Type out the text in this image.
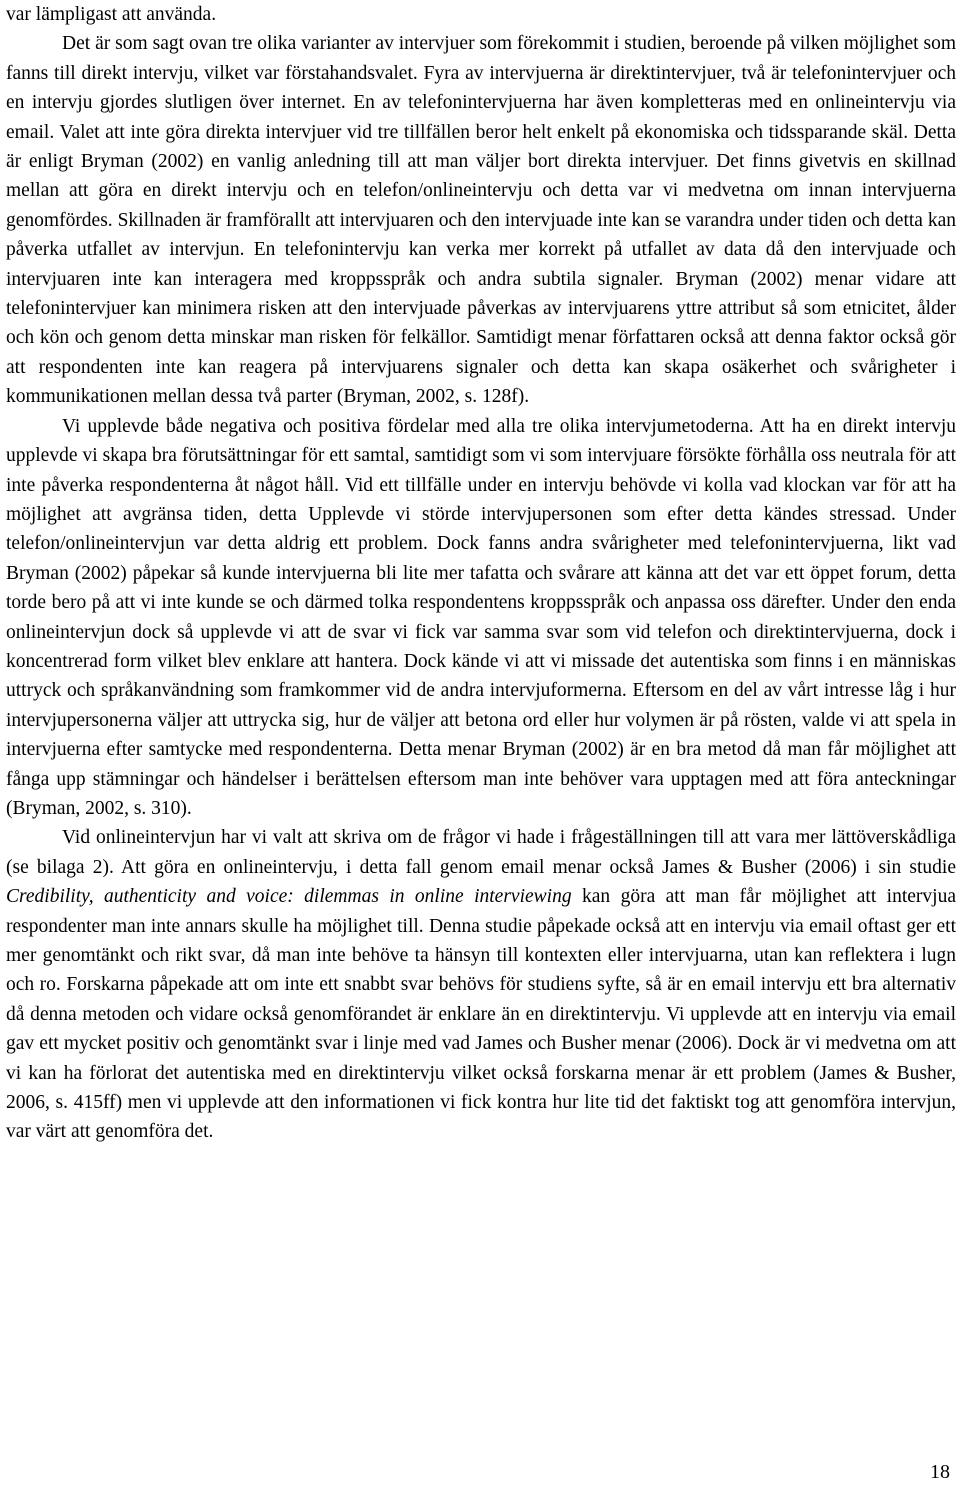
var lämpligast att använda.

Det är som sagt ovan tre olika varianter av intervjuer som förekommit i studien, beroende på vilken möjlighet som fanns till direkt intervju, vilket var förstahandsvalet. Fyra av intervjuerna är direktintervjuer, två är telefonintervjuer och en intervju gjordes slutligen över internet. En av telefonintervjuerna har även kompletteras med en onlineintervju via email. Valet att inte göra direkta intervjuer vid tre tillfällen beror helt enkelt på ekonomiska och tidssparande skäl. Detta är enligt Bryman (2002) en vanlig anledning till att man väljer bort direkta intervjuer. Det finns givetvis en skillnad mellan att göra en direkt intervju och en telefon/onlineintervju och detta var vi medvetna om innan intervjuerna genomfördes. Skillnaden är framförallt att intervjuaren och den intervjuade inte kan se varandra under tiden och detta kan påverka utfallet av intervjun. En telefonintervju kan verka mer korrekt på utfallet av data då den intervjuade och intervjuaren inte kan interagera med kroppsspråk och andra subtila signaler. Bryman (2002) menar vidare att telefonintervjuer kan minimera risken att den intervjuade påverkas av intervjuarens yttre attribut så som etnicitet, ålder och kön och genom detta minskar man risken för felkällor. Samtidigt menar författaren också att denna faktor också gör att respondenten inte kan reagera på intervjuarens signaler och detta kan skapa osäkerhet och svårigheter i kommunikationen mellan dessa två parter (Bryman, 2002, s. 128f).

Vi upplevde både negativa och positiva fördelar med alla tre olika intervjumetoderna. Att ha en direkt intervju upplevde vi skapa bra förutsättningar för ett samtal, samtidigt som vi som intervjuare försökte förhålla oss neutrala för att inte påverka respondenterna åt något håll. Vid ett tillfälle under en intervju behövde vi kolla vad klockan var för att ha möjlighet att avgränsa tiden, detta Upplevde vi störde intervjupersonen som efter detta kändes stressad. Under telefon/onlineintervjun var detta aldrig ett problem. Dock fanns andra svårigheter med telefonintervjuerna, likt vad Bryman (2002) påpekar så kunde intervjuerna bli lite mer tafatta och svårare att känna att det var ett öppet forum, detta torde bero på att vi inte kunde se och därmed tolka respondentens kroppsspråk och anpassa oss därefter. Under den enda onlineintervjun dock så upplevde vi att de svar vi fick var samma svar som vid telefon och direktintervjuerna, dock i koncentrerad form vilket blev enklare att hantera. Dock kände vi att vi missade det autentiska som finns i en människas uttryck och språkanvändning som framkommer vid de andra intervjuformerna. Eftersom en del av vårt intresse låg i hur intervjupersonerna väljer att uttrycka sig, hur de väljer att betona ord eller hur volymen är på rösten, valde vi att spela in intervjuerna efter samtycke med respondenterna. Detta menar Bryman (2002) är en bra metod då man får möjlighet att fånga upp stämningar och händelser i berättelsen eftersom man inte behöver vara upptagen med att föra anteckningar (Bryman, 2002, s. 310).

Vid onlineintervjun har vi valt att skriva om de frågor vi hade i frågeställningen till att vara mer lättöverskådliga (se bilaga 2). Att göra en onlineintervju, i detta fall genom email menar också James & Busher (2006) i sin studie Credibility, authenticity and voice: dilemmas in online interviewing kan göra att man får möjlighet att intervjua respondenter man inte annars skulle ha möjlighet till. Denna studie påpekade också att en intervju via email oftast ger ett mer genomtänkt och rikt svar, då man inte behöve ta hänsyn till kontexten eller intervjuarna, utan kan reflektera i lugn och ro. Forskarna påpekade att om inte ett snabbt svar behövs för studiens syfte, så är en email intervju ett bra alternativ då denna metoden och vidare också genomförandet är enklare än en direktintervju. Vi upplevde att en intervju via email gav ett mycket positiv och genomtänkt svar i linje med vad James och Busher menar (2006). Dock är vi medvetna om att vi kan ha förlorat det autentiska med en direktintervju vilket också forskarna menar är ett problem (James & Busher, 2006, s. 415ff) men vi upplevde att den informationen vi fick kontra hur lite tid det faktiskt tog att genomföra intervjun, var värt att genomföra det.

18
